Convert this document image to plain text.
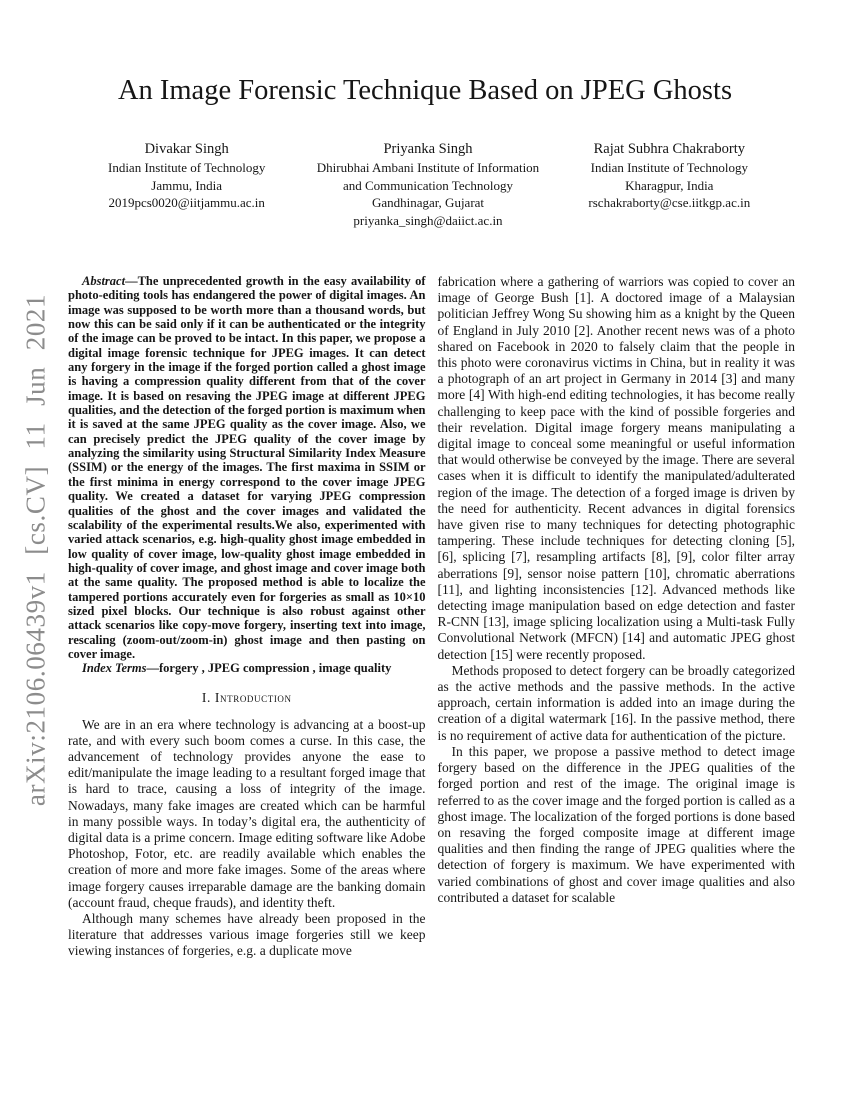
arXiv:2106.06439v1 [cs.CV] 11 Jun 2021
An Image Forensic Technique Based on JPEG Ghosts
Divakar Singh
Indian Institute of Technology
Jammu, India
2019pcs0020@iitjammu.ac.in
Priyanka Singh
Dhirubhai Ambani Institute of Information
and Communication Technology
Gandhinagar, Gujarat
priyanka_singh@daiict.ac.in
Rajat Subhra Chakraborty
Indian Institute of Technology
Kharagpur, India
rschakraborty@cse.iitkgp.ac.in

Abstract—The unprecedented growth in the easy availability of photo-editing tools has endangered the power of digital images. An image was supposed to be worth more than a thousand words, but now this can be said only if it can be authenticated or the integrity of the image can be proved to be intact. In this paper, we propose a digital image forensic technique for JPEG images. It can detect any forgery in the image if the forged portion called a ghost image is having a compression quality different from that of the cover image. It is based on resaving the JPEG image at different JPEG qualities, and the detection of the forged portion is maximum when it is saved at the same JPEG quality as the cover image. Also, we can precisely predict the JPEG quality of the cover image by analyzing the similarity using Structural Similarity Index Measure (SSIM) or the energy of the images. The first maxima in SSIM or the first minima in energy correspond to the cover image JPEG quality. We created a dataset for varying JPEG compression qualities of the ghost and the cover images and validated the scalability of the experimental results.We also, experimented with varied attack scenarios, e.g. high-quality ghost image embedded in low quality of cover image, low-quality ghost image embedded in high-quality of cover image, and ghost image and cover image both at the same quality. The proposed method is able to localize the tampered portions accurately even for forgeries as small as 10×10 sized pixel blocks. Our technique is also robust against other attack scenarios like copy-move forgery, inserting text into image, rescaling (zoom-out/zoom-in) ghost image and then pasting on cover image.

Index Terms—forgery , JPEG compression , image quality

I. Introduction

We are in an era where technology is advancing at a boost-up rate, and with every such boom comes a curse. In this case, the advancement of technology provides anyone the ease to edit/manipulate the image leading to a resultant forged image that is hard to trace, causing a loss of integrity of the image. Nowadays, many fake images are created which can be harmful in many possible ways. In today’s digital era, the authenticity of digital data is a prime concern. Image editing software like Adobe Photoshop, Fotor, etc. are readily available which enables the creation of more and more fake images. Some of the areas where image forgery causes irreparable damage are the banking domain (account fraud, cheque frauds), and identity theft.

Although many schemes have already been proposed in the literature that addresses various image forgeries still we keep viewing instances of forgeries, e.g. a duplicate move

fabrication where a gathering of warriors was copied to cover an image of George Bush [1]. A doctored image of a Malaysian politician Jeffrey Wong Su showing him as a knight by the Queen of England in July 2010 [2]. Another recent news was of a photo shared on Facebook in 2020 to falsely claim that the people in this photo were coronavirus victims in China, but in reality it was a photograph of an art project in Germany in 2014 [3] and many more [4] With high-end editing technologies, it has become really challenging to keep pace with the kind of possible forgeries and their revelation. Digital image forgery means manipulating a digital image to conceal some meaningful or useful information that would otherwise be conveyed by the image. There are several cases when it is difficult to identify the manipulated/adulterated region of the image. The detection of a forged image is driven by the need for authenticity. Recent advances in digital forensics have given rise to many techniques for detecting photographic tampering. These include techniques for detecting cloning [5], [6], splicing [7], resampling artifacts [8], [9], color filter array aberrations [9], sensor noise pattern [10], chromatic aberrations [11], and lighting inconsistencies [12]. Advanced methods like detecting image manipulation based on edge detection and faster R-CNN [13], image splicing localization using a Multi-task Fully Convolutional Network (MFCN) [14] and automatic JPEG ghost detection [15] were recently proposed.

Methods proposed to detect forgery can be broadly categorized as the active methods and the passive methods. In the active approach, certain information is added into an image during the creation of a digital watermark [16]. In the passive method, there is no requirement of active data for authentication of the picture.

In this paper, we propose a passive method to detect image forgery based on the difference in the JPEG qualities of the forged portion and rest of the image. The original image is referred to as the cover image and the forged portion is called as a ghost image. The localization of the forged portions is done based on resaving the forged composite image at different image qualities and then finding the range of JPEG qualities where the detection of forgery is maximum. We have experimented with varied combinations of ghost and cover image qualities and also contributed a dataset for scalable
